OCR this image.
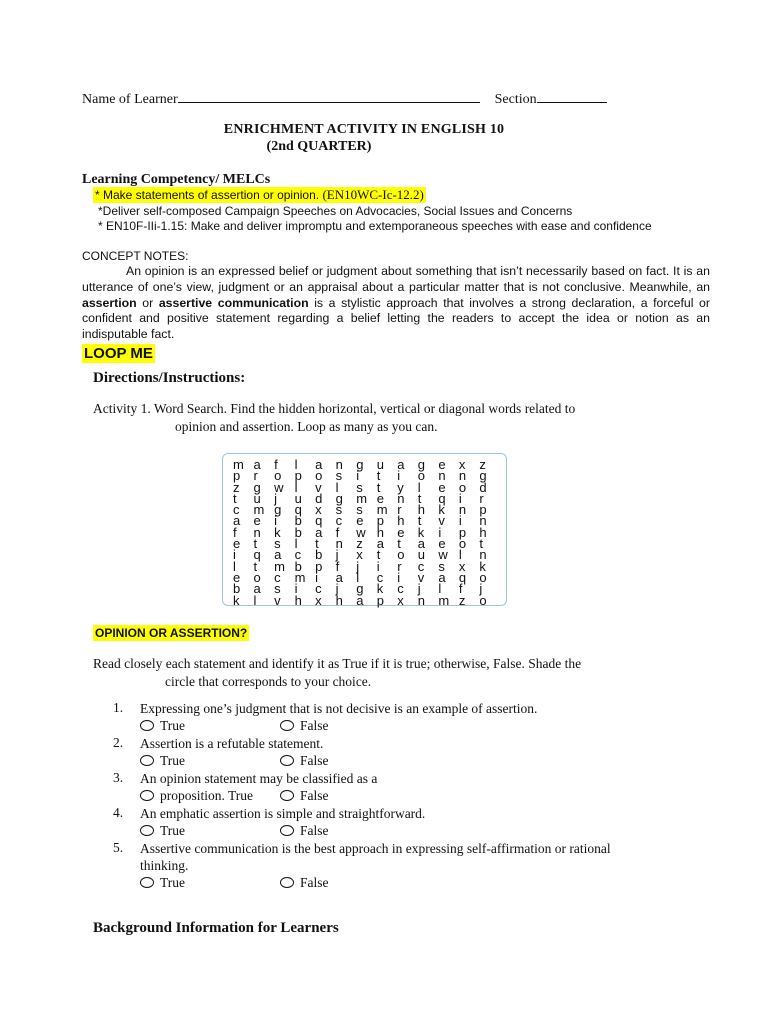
Name of Learner	Section
ENRICHMENT ACTIVITY IN ENGLISH 10
(2nd QUARTER)
Learning Competency/ MELCs
* Make statements of assertion or opinion. (EN10WC-Ic-12.2)
*Deliver self-composed Campaign Speeches on Advocacies, Social Issues and Concerns
* EN10F-IIi-1.15: Make and deliver impromptu and extemporaneous speeches with ease and confidence
CONCEPT NOTES:
An opinion is an expressed belief or judgment about something that isn’t necessarily based on fact. It is an utterance of one’s view, judgment or an appraisal about a particular matter that is not conclusive. Meanwhile, an assertion or assertive communication is a stylistic approach that involves a strong declaration, a forceful or confident and positive statement regarding a belief letting the readers to accept the idea or notion as an indisputable fact.
LOOP ME
Directions/Instructions:
Activity 1. Word Search. Find the hidden horizontal, vertical or diagonal words related to
opinion and assertion. Loop as many as you can.
m a	f	l	a	n	g	u	a	g	e	x	z
p	r	o	p	o	s	i	t	i	o	n	n	g
z	g	w l	v	l	s	t	y	l	e	o	d
t	u	j	u	d	g	m e	n	t	q	i	r
c	m g	q	x	s	s	m r	h	k	n	p
a	e	i	b	q	c	e	p	h	t	v	i	n
f	n	k	b	a	f	w h	e	k	i	p	h
e	t	s	l	t	n	z	a	t	a	e	o	t
i	q	a	c	b	j	x	t	o	u	w l	n
l	t	m b	p	f	j	i	r	c	s	x	k
e	o	c	m i	a	l	c	i	v	a	q	o
b	a	s	i	c	j	g	k	c	j	l	f	j
k	l	v	h	x	h	a	p	x	n	m z	o
OPINION OR ASSERTION?
Read closely each statement and identify it as True if it is true; otherwise, False. Shade the
circle that corresponds to your choice.
1.	Expressing one’s judgment that is not decisive is an example of assertion.
True	False
2.	Assertion is a refutable statement.
True	False
3.	An opinion statement may be classified as a
proposition. True	False
4.	An emphatic assertion is simple and straightforward.
True	False
5.	Assertive communication is the best approach in expressing self-affirmation or rational thinking.
True	False
Background Information for Learners
